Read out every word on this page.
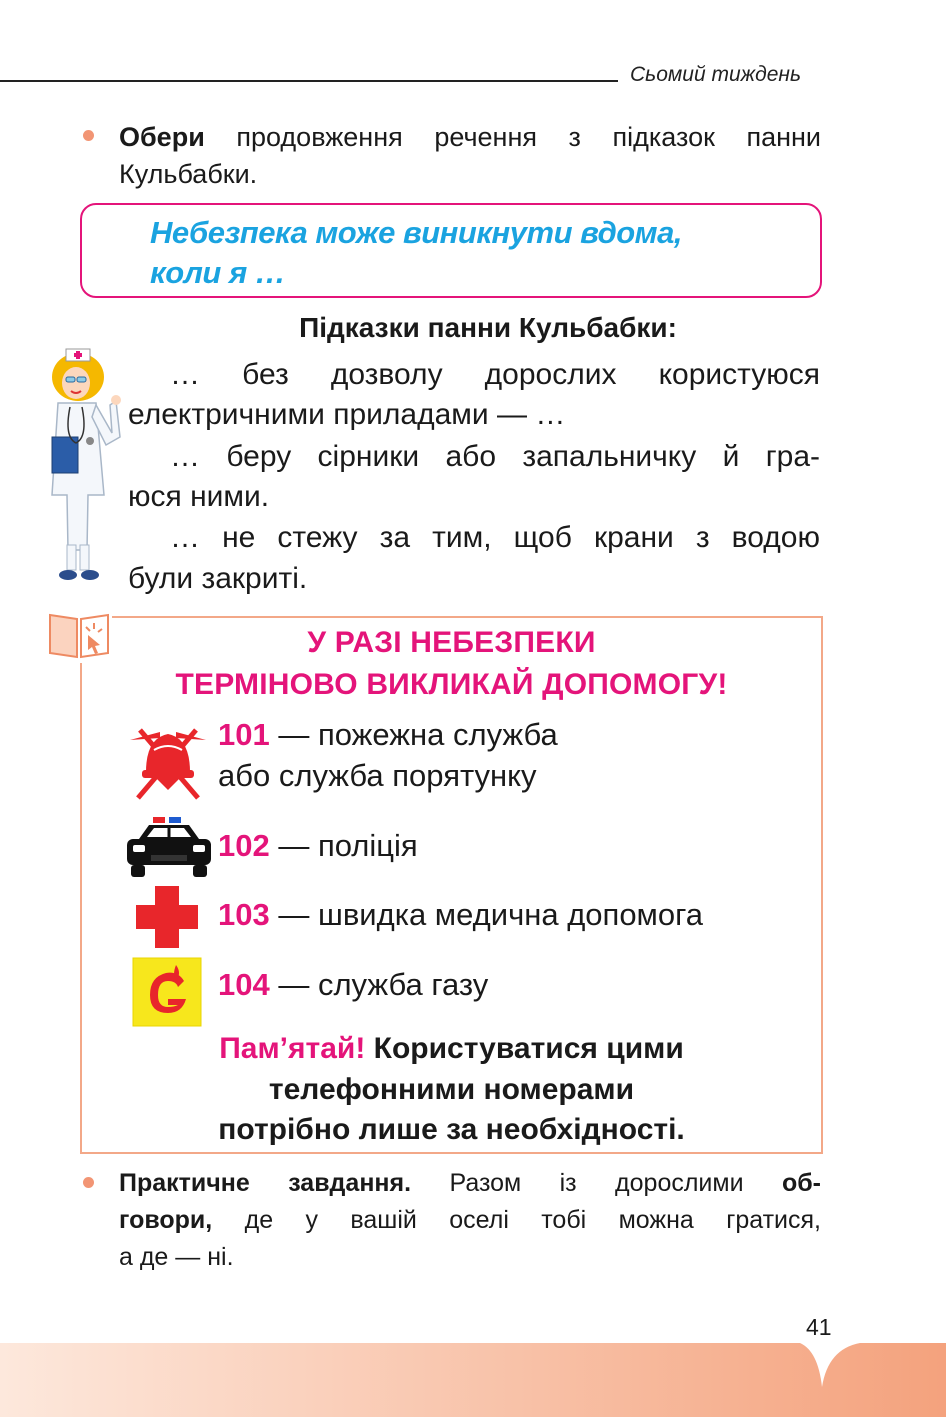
Сьомий тиждень
Обери продовження речення з підказок панни
Кульбабки.
Небезпека може виникнути вдома,
коли я …
Підказки панни Кульбабки:
… без дозволу дорослих користуюся
електричними приладами — …
… беру сірники або запальничку й гра-
юся ними.
… не стежу за тим, щоб крани з водою
були закриті.
У РАЗІ НЕБЕЗПЕКИ
ТЕРМІНОВО ВИКЛИКАЙ ДОПОМОГУ!
101 — пожежна служба
або служба порятунку
102 — поліція
103 — швидка медична допомога
104 — служба газу
Пам’ятай! Користуватися цими
телефонними номерами
потрібно лише за необхідності.
Практичне завдання. Разом із дорослими об-
говори, де у вашій оселі тобі можна гратися,
а де — ні.
41
